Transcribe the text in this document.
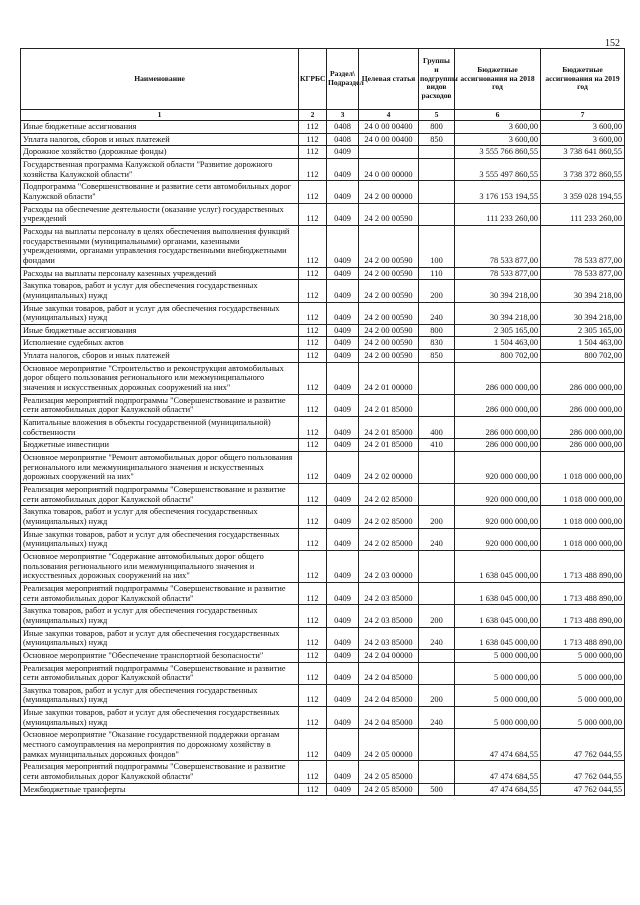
152
Наименование	КГРБС	Раздел\ Подраздел	Целевая статья	Группы и подгруппы видов расходов	Бюджетные ассигнования на 2018 год	Бюджетные ассигнования на 2019 год
1	2	3	4	5	6	7
Иные бюджетные ассигнования	112	0408	24 0 00 00400	800	3 600,00	3 600,00
Уплата налогов, сборов и иных платежей	112	0408	24 0 00 00400	850	3 600,00	3 600,00
Дорожное хозяйство (дорожные фонды)	112	0409			3 555 766 860,55	3 738 641 860,55
Государственная программа Калужской области "Развитие дорожного хозяйства Калужской области"	112	0409	24 0 00 00000		3 555 497 860,55	3 738 372 860,55
Подпрограмма "Совершенствование и развитие сети автомобильных дорог Калужской области"	112	0409	24 2 00 00000		3 176 153 194,55	3 359 028 194,55
Расходы на обеспечение деятельности (оказание услуг) государственных учреждений	112	0409	24 2 00 00590		111 233 260,00	111 233 260,00
Расходы на выплаты персоналу в целях обеспечения выполнения функций государственными (муниципальными) органами, казенными учреждениями, органами управления государственными внебюджетными фондами	112	0409	24 2 00 00590	100	78 533 877,00	78 533 877,00
Расходы на выплаты персоналу казенных учреждений	112	0409	24 2 00 00590	110	78 533 877,00	78 533 877,00
Закупка товаров, работ и услуг для обеспечения государственных (муниципальных) нужд	112	0409	24 2 00 00590	200	30 394 218,00	30 394 218,00
Иные закупки товаров, работ и услуг для обеспечения государственных (муниципальных) нужд	112	0409	24 2 00 00590	240	30 394 218,00	30 394 218,00
Иные бюджетные ассигнования	112	0409	24 2 00 00590	800	2 305 165,00	2 305 165,00
Исполнение судебных актов	112	0409	24 2 00 00590	830	1 504 463,00	1 504 463,00
Уплата налогов, сборов и иных платежей	112	0409	24 2 00 00590	850	800 702,00	800 702,00
Основное мероприятие "Строительство и реконструкция автомобильных дорог общего пользования регионального или межмуниципального значения и искусственных дорожных сооружений на них"	112	0409	24 2 01 00000		286 000 000,00	286 000 000,00
Реализация мероприятий подпрограммы "Совершенствование и развитие сети автомобильных дорог Калужской области"	112	0409	24 2 01 85000		286 000 000,00	286 000 000,00
Капитальные вложения в объекты государственной (муниципальной) собственности	112	0409	24 2 01 85000	400	286 000 000,00	286 000 000,00
Бюджетные инвестиции	112	0409	24 2 01 85000	410	286 000 000,00	286 000 000,00
Основное мероприятие "Ремонт автомобильных дорог общего пользования регионального или межмуниципального значения и искусственных дорожных сооружений на них"	112	0409	24 2 02 00000		920 000 000,00	1 018 000 000,00
Реализация мероприятий подпрограммы "Совершенствование и развитие сети автомобильных дорог Калужской области"	112	0409	24 2 02 85000		920 000 000,00	1 018 000 000,00
Закупка товаров, работ и услуг для обеспечения государственных (муниципальных) нужд	112	0409	24 2 02 85000	200	920 000 000,00	1 018 000 000,00
Иные закупки товаров, работ и услуг для обеспечения государственных (муниципальных) нужд	112	0409	24 2 02 85000	240	920 000 000,00	1 018 000 000,00
Основное мероприятие "Содержание автомобильных дорог общего пользования регионального или межмуниципального значения и искусственных дорожных сооружений на них"	112	0409	24 2 03 00000		1 638 045 000,00	1 713 488 890,00
Реализация мероприятий подпрограммы "Совершенствование и развитие сети автомобильных дорог Калужской области"	112	0409	24 2 03 85000		1 638 045 000,00	1 713 488 890,00
Закупка товаров, работ и услуг для обеспечения государственных (муниципальных) нужд	112	0409	24 2 03 85000	200	1 638 045 000,00	1 713 488 890,00
Иные закупки товаров, работ и услуг для обеспечения государственных (муниципальных) нужд	112	0409	24 2 03 85000	240	1 638 045 000,00	1 713 488 890,00
Основное мероприятие "Обеспечение транспортной безопасности"	112	0409	24 2 04 00000		5 000 000,00	5 000 000,00
Реализация мероприятий подпрограммы "Совершенствование и развитие сети автомобильных дорог Калужской области"	112	0409	24 2 04 85000		5 000 000,00	5 000 000,00
Закупка товаров, работ и услуг для обеспечения государственных (муниципальных) нужд	112	0409	24 2 04 85000	200	5 000 000,00	5 000 000,00
Иные закупки товаров, работ и услуг для обеспечения государственных (муниципальных) нужд	112	0409	24 2 04 85000	240	5 000 000,00	5 000 000,00
Основное мероприятие "Оказание государственной поддержки органам местного самоуправления на мероприятия по дорожному хозяйству в рамках муниципальных дорожных фондов"	112	0409	24 2 05 00000		47 474 684,55	47 762 044,55
Реализация мероприятий подпрограммы "Совершенствование и развитие сети автомобильных дорог Калужской области"	112	0409	24 2 05 85000		47 474 684,55	47 762 044,55
Межбюджетные трансферты	112	0409	24 2 05 85000	500	47 474 684,55	47 762 044,55
